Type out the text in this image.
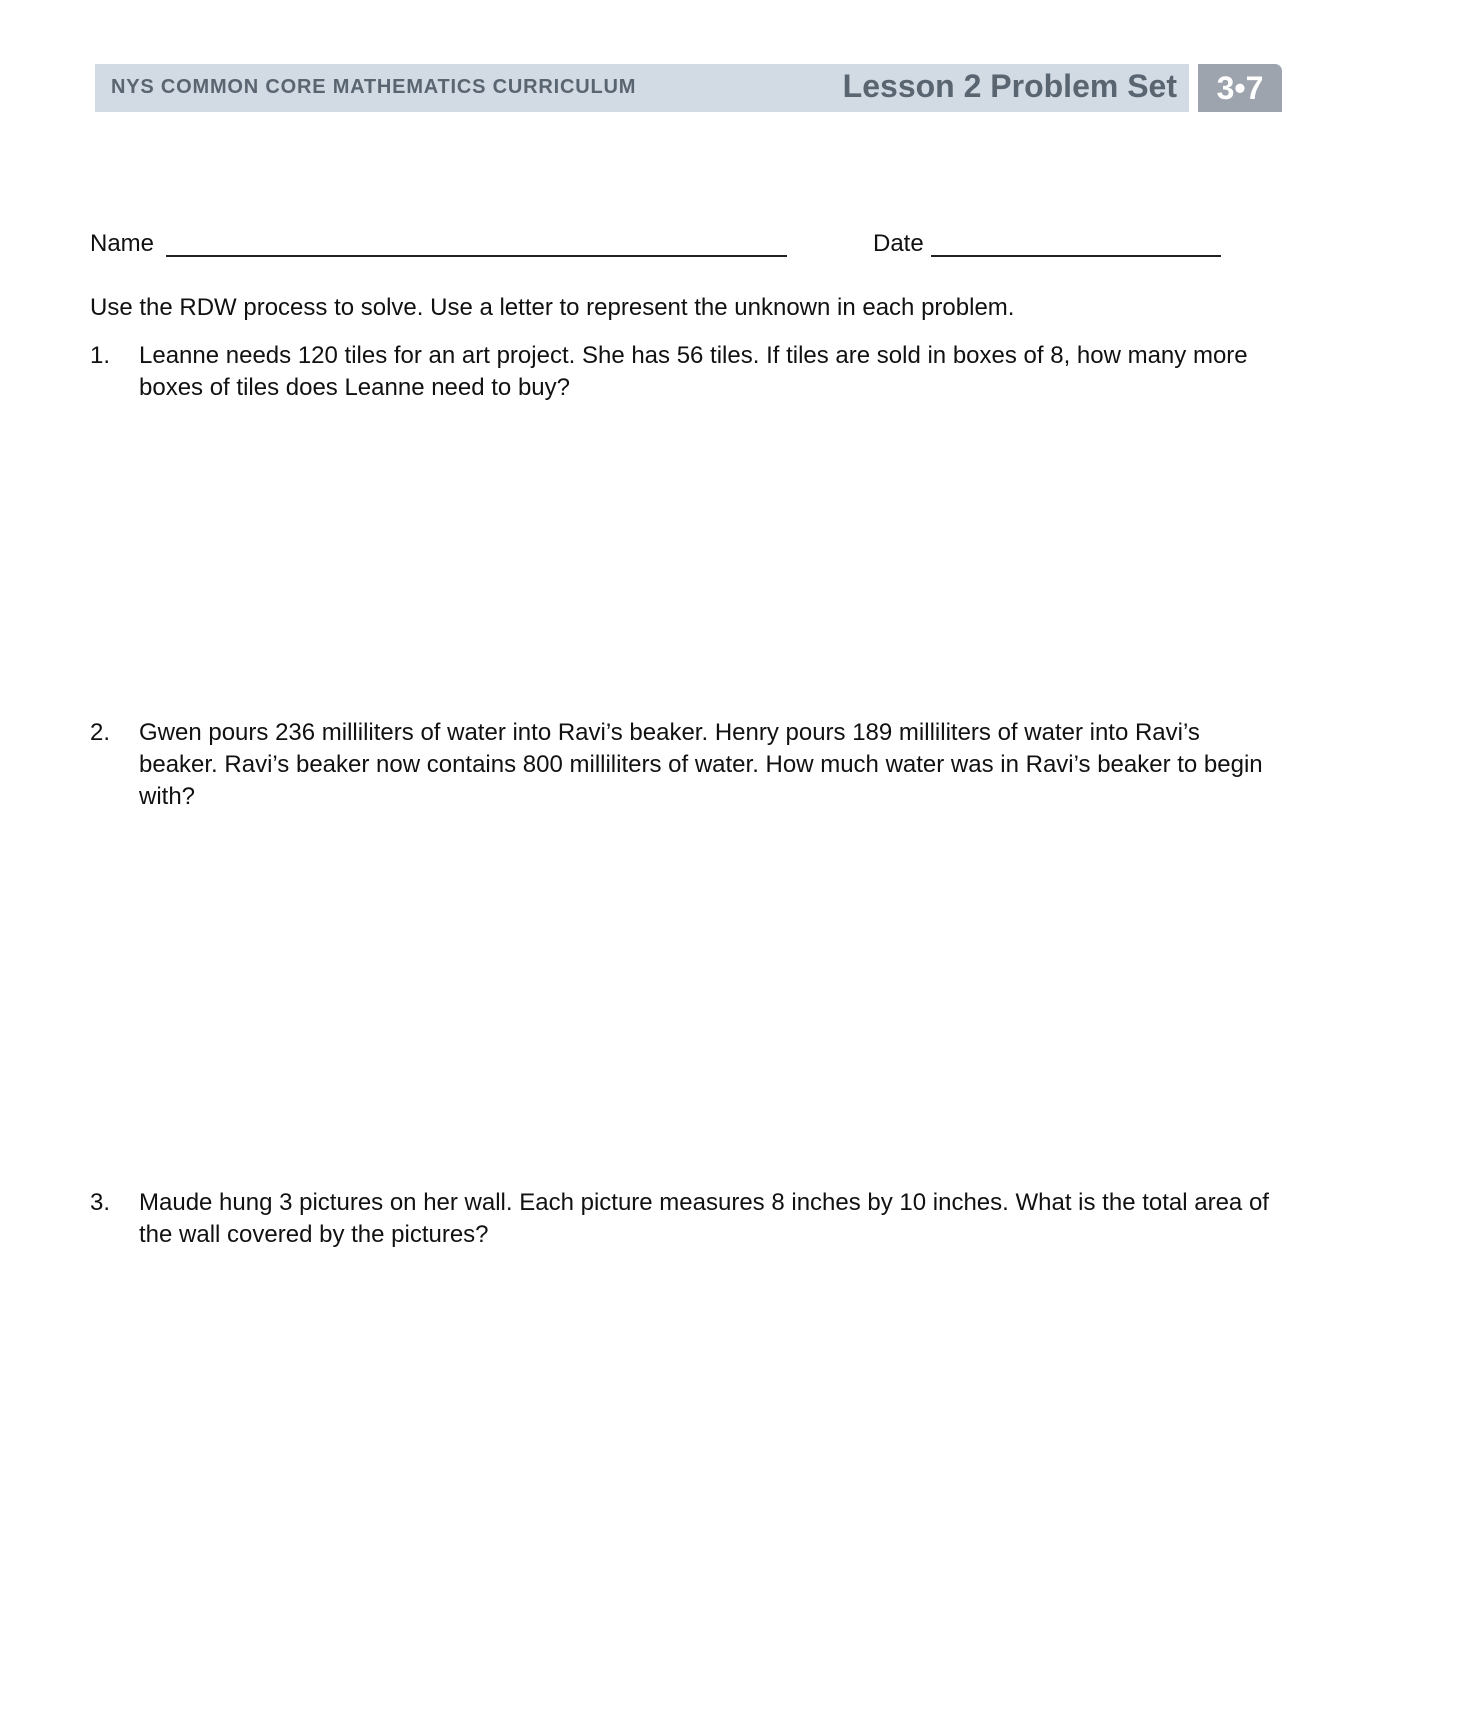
NYS COMMON CORE MATHEMATICS CURRICULUM	Lesson 2 Problem Set	3•7
Name	Date
Use the RDW process to solve. Use a letter to represent the unknown in each problem.
1. Leanne needs 120 tiles for an art project. She has 56 tiles. If tiles are sold in boxes of 8, how many more boxes of tiles does Leanne need to buy?
2. Gwen pours 236 milliliters of water into Ravi’s beaker. Henry pours 189 milliliters of water into Ravi’s beaker. Ravi’s beaker now contains 800 milliliters of water. How much water was in Ravi’s beaker to begin with?
3. Maude hung 3 pictures on her wall. Each picture measures 8 inches by 10 inches. What is the total area of the wall covered by the pictures?
